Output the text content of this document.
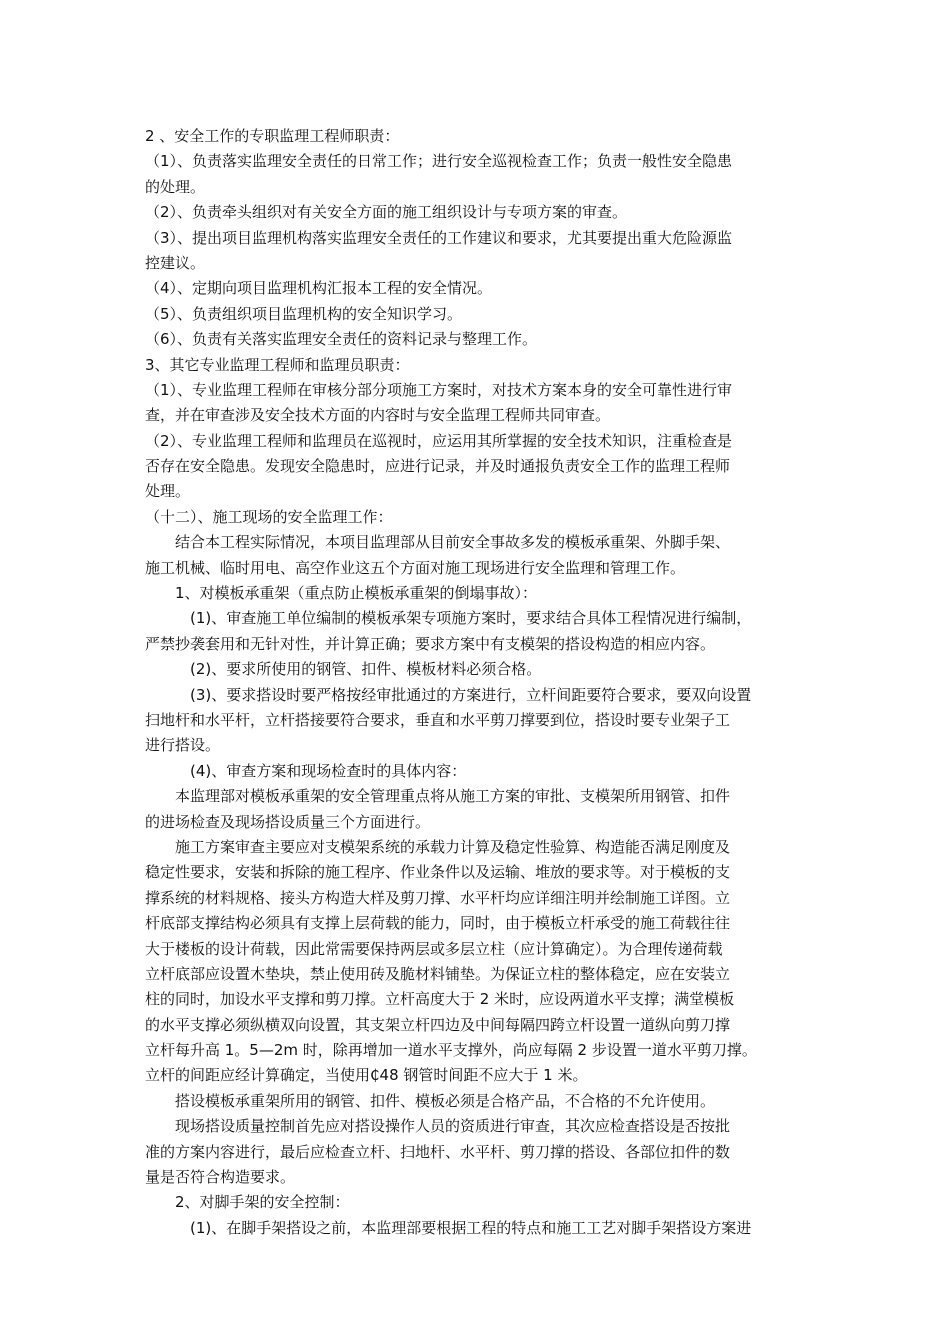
2 、安全工作的专职监理工程师职责：
（1）、负责落实监理安全责任的日常工作；进行安全巡视检查工作；负责一般性安全隐患
的处理。
（2）、负责牵头组织对有关安全方面的施工组织设计与专项方案的审查。
（3）、提出项目监理机构落实监理安全责任的工作建议和要求，尤其要提出重大危险源监
控建议。
（4）、定期向项目监理机构汇报本工程的安全情况。
（5）、负责组织项目监理机构的安全知识学习。
（6）、负责有关落实监理安全责任的资料记录与整理工作。
3、其它专业监理工程师和监理员职责：
（1）、专业监理工程师在审核分部分项施工方案时，对技术方案本身的安全可靠性进行审
查，并在审查涉及安全技术方面的内容时与安全监理工程师共同审查。
（2）、专业监理工程师和监理员在巡视时，应运用其所掌握的安全技术知识，注重检查是
否存在安全隐患。发现安全隐患时，应进行记录，并及时通报负责安全工作的监理工程师
处理。
（十二）、施工现场的安全监理工作：
结合本工程实际情况，本项目监理部从目前安全事故多发的模板承重架、外脚手架、
施工机械、临时用电、高空作业这五个方面对施工现场进行安全监理和管理工作。
1、对模板承重架（重点防止模板承重架的倒塌事故）：
(1)、审查施工单位编制的模板承架专项施方案时，要求结合具体工程情况进行编制，
严禁抄袭套用和无针对性，并计算正确；要求方案中有支模架的搭设构造的相应内容。
(2)、要求所使用的钢管、扣件、模板材料必须合格。
(3)、要求搭设时要严格按经审批通过的方案进行，立杆间距要符合要求，要双向设置
扫地杆和水平杆，立杆搭接要符合要求，垂直和水平剪刀撑要到位，搭设时要专业架子工
进行搭设。
(4)、审查方案和现场检查时的具体内容：
本监理部对模板承重架的安全管理重点将从施工方案的审批、支模架所用钢管、扣件
的进场检查及现场搭设质量三个方面进行。
施工方案审查主要应对支模架系统的承载力计算及稳定性验算、构造能否满足刚度及
稳定性要求，安装和拆除的施工程序、作业条件以及运输、堆放的要求等。对于模板的支
撑系统的材料规格、接头方构造大样及剪刀撑、水平杆均应详细注明并绘制施工详图。立
杆底部支撑结构必须具有支撑上层荷载的能力，同时，由于模板立杆承受的施工荷载往往
大于楼板的设计荷载，因此常需要保持两层或多层立柱（应计算确定）。为合理传递荷载
立杆底部应设置木垫块，禁止使用砖及脆材料铺垫。为保证立柱的整体稳定，应在安装立
柱的同时，加设水平支撑和剪刀撑。立杆高度大于 2 米时，应设两道水平支撑；满堂模板
的水平支撑必须纵横双向设置，其支架立杆四边及中间每隔四跨立杆设置一道纵向剪刀撑
立杆每升高 1。5—2m 时，除再增加一道水平支撑外，尚应每隔 2 步设置一道水平剪刀撑。
立杆的间距应经计算确定，当使用₵48 钢管时间距不应大于 1 米。
搭设模板承重架所用的钢管、扣件、模板必须是合格产品，不合格的不允许使用。
现场搭设质量控制首先应对搭设操作人员的资质进行审查，其次应检查搭设是否按批
准的方案内容进行，最后应检查立杆、扫地杆、水平杆、剪刀撑的搭设、各部位扣件的数
量是否符合构造要求。
2、对脚手架的安全控制：
(1)、在脚手架搭设之前，本监理部要根据工程的特点和施工工艺对脚手架搭设方案进
